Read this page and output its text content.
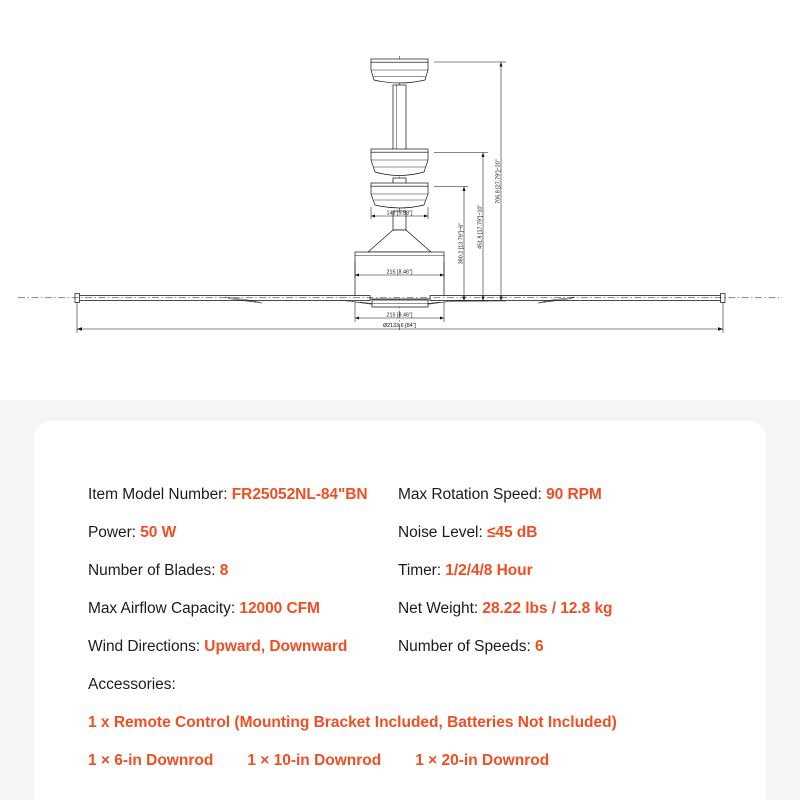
148 [5.83"]
215 [8.46"]
215 [8.46"]
Ø2133.6 [84"]
380.2 [13.79"]~6" 451.8 [17.79"]~10"
706.8 [27.79"]~20"
Item Model Number: FR25052NL-84"BN
Power: 50 W
Number of Blades: 8
Max Airflow Capacity: 12000 CFM
Wind Directions: Upward, Downward
Max Rotation Speed: 90 RPM
Noise Level: ≤45 dB
Timer: 1/2/4/8 Hour
Net Weight: 28.22 lbs / 12.8 kg
Number of Speeds: 6
Accessories:
1 x Remote Control (Mounting Bracket Included, Batteries Not Included)
1 × 6-in Downrod 1 × 10-in Downrod 1 × 20-in Downrod
